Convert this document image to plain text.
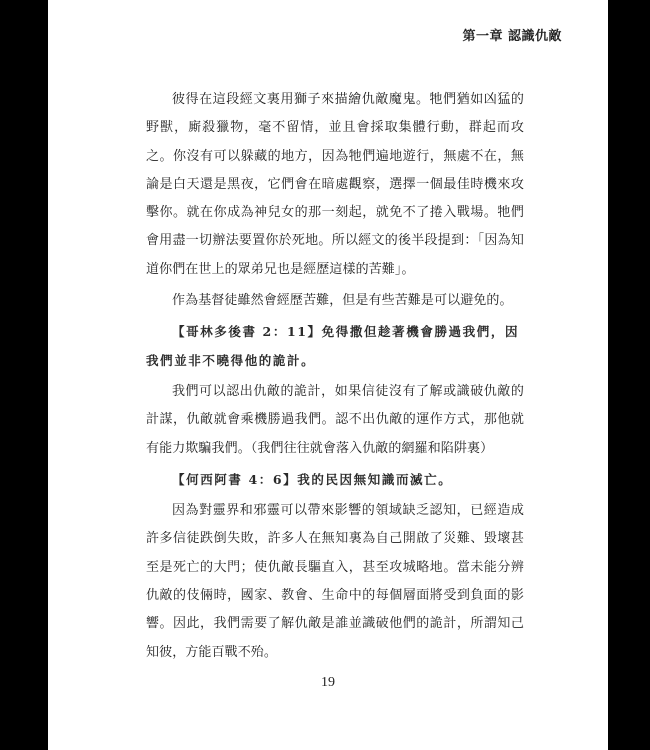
第一章 認識仇敵

彼得在這段經文裏用獅子來描繪仇敵魔鬼。牠們猶如凶猛的野獸，廝殺獵物，毫不留情，並且會採取集體行動，群起而攻之。你沒有可以躲藏的地方，因為牠們遍地遊行，無處不在，無論是白天還是黑夜，它們會在暗處觀察，選擇一個最佳時機來攻擊你。就在你成為神兒女的那一刻起，就免不了捲入戰場。牠們會用盡一切辦法要置你於死地。所以經文的後半段提到：「因為知道你們在世上的眾弟兄也是經歷這樣的苦難」。

作為基督徒雖然會經歷苦難，但是有些苦難是可以避免的。

【哥林多後書 2：11】免得撒但趁著機會勝過我們，因我們並非不曉得他的詭計。

我們可以認出仇敵的詭計，如果信徒沒有了解或識破仇敵的計謀，仇敵就會乘機勝過我們。認不出仇敵的運作方式，那他就有能力欺騙我們。（我們往往就會落入仇敵的網羅和陷阱裏）

【何西阿書 4：6】我的民因無知識而滅亡。

因為對靈界和邪靈可以帶來影響的領域缺乏認知，已經造成許多信徒跌倒失敗，許多人在無知裏為自己開啟了災難、毀壞甚至是死亡的大門；使仇敵長驅直入，甚至攻城略地。當未能分辨仇敵的伎倆時，國家、教會、生命中的每個層面將受到負面的影響。因此，我們需要了解仇敵是誰並識破他們的詭計，所謂知己知彼，方能百戰不殆。

19
